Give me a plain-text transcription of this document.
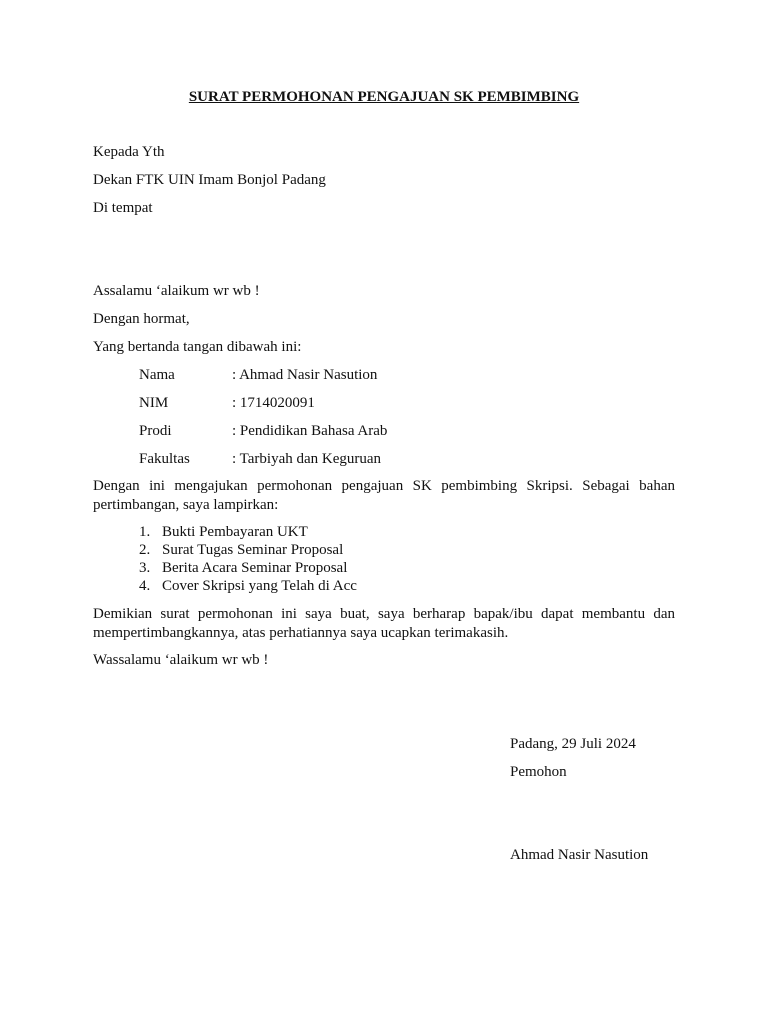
SURAT PERMOHONAN PENGAJUAN SK PEMBIMBING
Kepada Yth
Dekan FTK UIN Imam Bonjol Padang
Di tempat
Assalamu ‘alaikum wr wb !
Dengan hormat,
Yang bertanda tangan dibawah ini:
Nama	: Ahmad Nasir Nasution
NIM	: 1714020091
Prodi	: Pendidikan Bahasa Arab
Fakultas	: Tarbiyah dan Keguruan
Dengan ini mengajukan permohonan pengajuan SK pembimbing Skripsi. Sebagai bahan pertimbangan, saya lampirkan:
1. Bukti Pembayaran UKT
2. Surat Tugas Seminar Proposal
3. Berita Acara Seminar Proposal
4. Cover Skripsi yang Telah di Acc
Demikian surat permohonan ini saya buat, saya berharap bapak/ibu dapat membantu dan mempertimbangkannya, atas perhatiannya saya ucapkan terimakasih.
Wassalamu ‘alaikum wr wb !
Padang, 29 Juli 2024
Pemohon
Ahmad Nasir Nasution
